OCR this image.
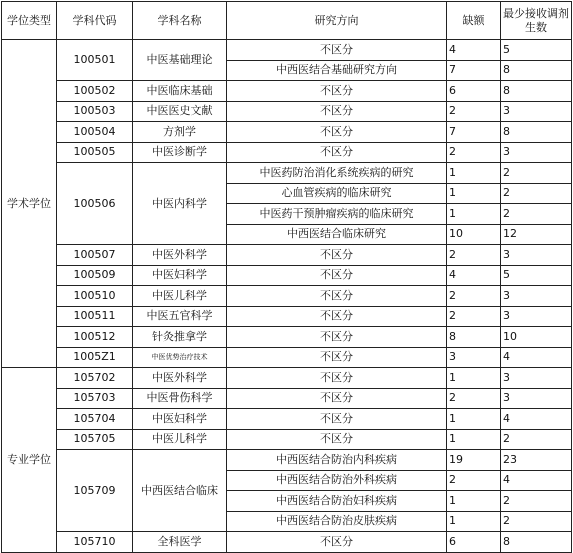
学位类型	学科代码	学科名称	研究方向	缺额	最少接收调剂生数
学术学位	100501	中医基础理论	不区分	4	5
			中西医结合基础研究方向	7	8
	100502	中医临床基础	不区分	6	8
	100503	中医医史文献	不区分	2	3
	100504	方剂学	不区分	7	8
	100505	中医诊断学	不区分	2	3
	100506	中医内科学	中医药防治消化系统疾病的研究	1	2
			心血管疾病的临床研究	1	2
			中医药干预肿瘤疾病的临床研究	1	2
			中西医结合临床研究	10	12
	100507	中医外科学	不区分	2	3
	100509	中医妇科学	不区分	4	5
	100510	中医儿科学	不区分	2	3
	100511	中医五官科学	不区分	2	3
	100512	针灸推拿学	不区分	8	10
	1005Z1	中医优势治疗技术	不区分	3	4
专业学位	105702	中医外科学	不区分	1	3
	105703	中医骨伤科学	不区分	2	3
	105704	中医妇科学	不区分	1	4
	105705	中医儿科学	不区分	1	2
	105709	中西医结合临床	中西医结合防治内科疾病	19	23
			中西医结合防治外科疾病	2	4
			中西医结合防治妇科疾病	1	2
			中西医结合防治皮肤疾病	1	2
	105710	全科医学	不区分	6	8
